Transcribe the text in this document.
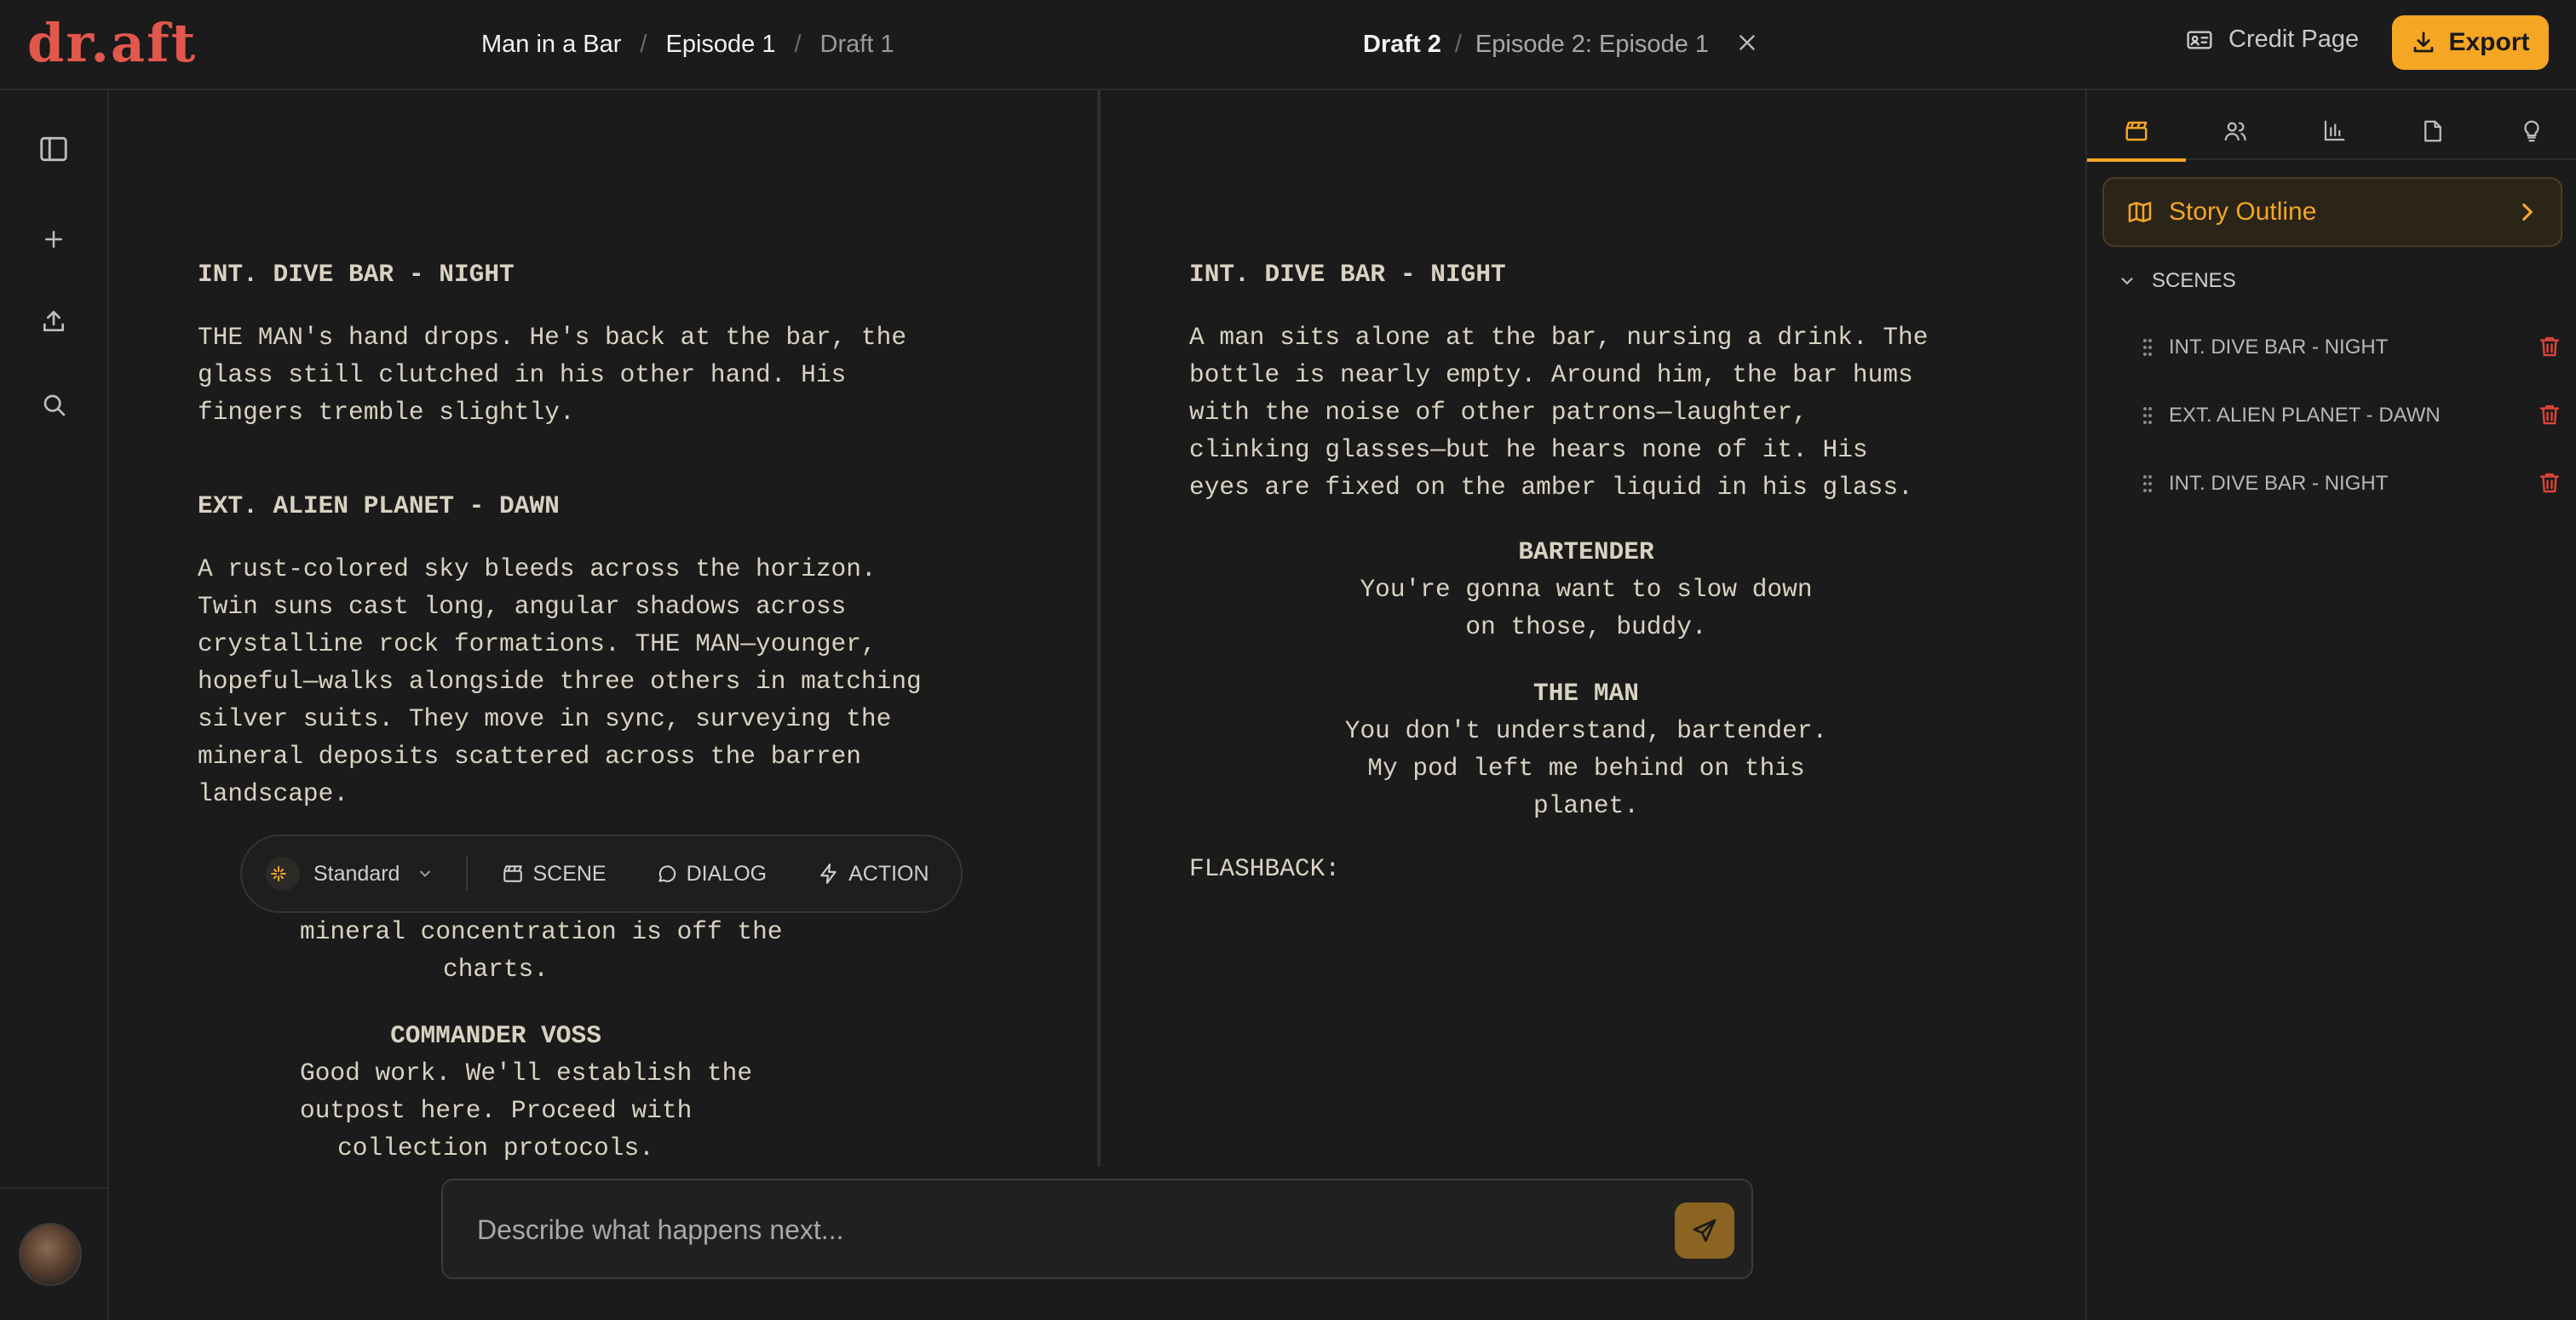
dr.aft	Man in a Bar / Episode 1 / Draft 1	Draft 2 / Episode 2: Episode 1	Credit Page	Export
INT. DIVE BAR - NIGHT
THE MAN's hand drops. He's back at the bar, the
glass still clutched in his other hand. His
fingers tremble slightly.
EXT. ALIEN PLANET - DAWN
A rust-colored sky bleeds across the horizon.
Twin suns cast long, angular shadows across
crystalline rock formations. THE MAN—younger,
hopeful—walks alongside three others in matching
silver suits. They move in sync, surveying the
mineral deposits scattered across the barren
landscape.
mineral concentration is off the
charts.
COMMANDER VOSS
Good work. We'll establish the
outpost here. Proceed with
collection protocols.
INT. DIVE BAR - NIGHT
A man sits alone at the bar, nursing a drink. The
bottle is nearly empty. Around him, the bar hums
with the noise of other patrons—laughter,
clinking glasses—but he hears none of it. His
eyes are fixed on the amber liquid in his glass.
BARTENDER
You're gonna want to slow down
on those, buddy.
THE MAN
You don't understand, bartender.
My pod left me behind on this
planet.
FLASHBACK:
Standard	SCENE	DIALOG	ACTION
Describe what happens next...
Story Outline
SCENES
INT. DIVE BAR - NIGHT
EXT. ALIEN PLANET - DAWN
INT. DIVE BAR - NIGHT
